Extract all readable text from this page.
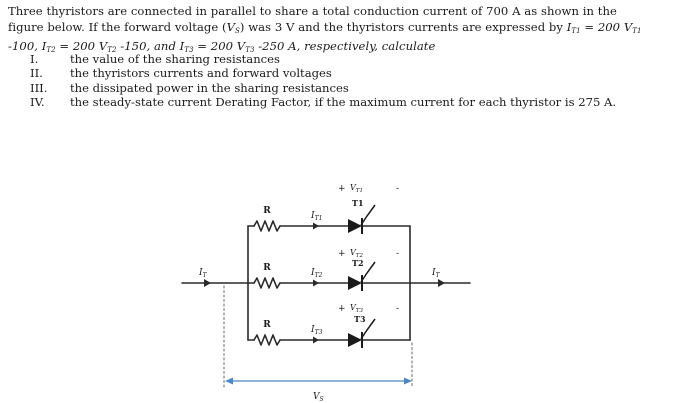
Three thyristors are connected in parallel to share a total conduction current of 700 A as shown in the figure below. If the forward voltage $(V_S)$ was 3 V and the thyristors currents are expressed by $I_{T1} = 200$ $V_{T1}$ -100, $I_{T2} = 200$ $V_{T2}$ -150, and $I_{T3} = 200$ $V_{T3}$ -250 A, respectively, calculate
I.	the value of the sharing resistances
II.	the thyristors currents and forward voltages
III.	the dissipated power in the sharing resistances
IV.	the steady-state current Derating Factor, if the maximum current for each thyristor is 275 A.
R
R
R
$I_T$	$I_T$
$I_{T1}$
$I_{T2}$
$I_{T3}$
+ $V_{T1}$	-
T1
+ $V_{T2}$	-
T2
+ $V_{T3}$	-
T3
$V_S$
